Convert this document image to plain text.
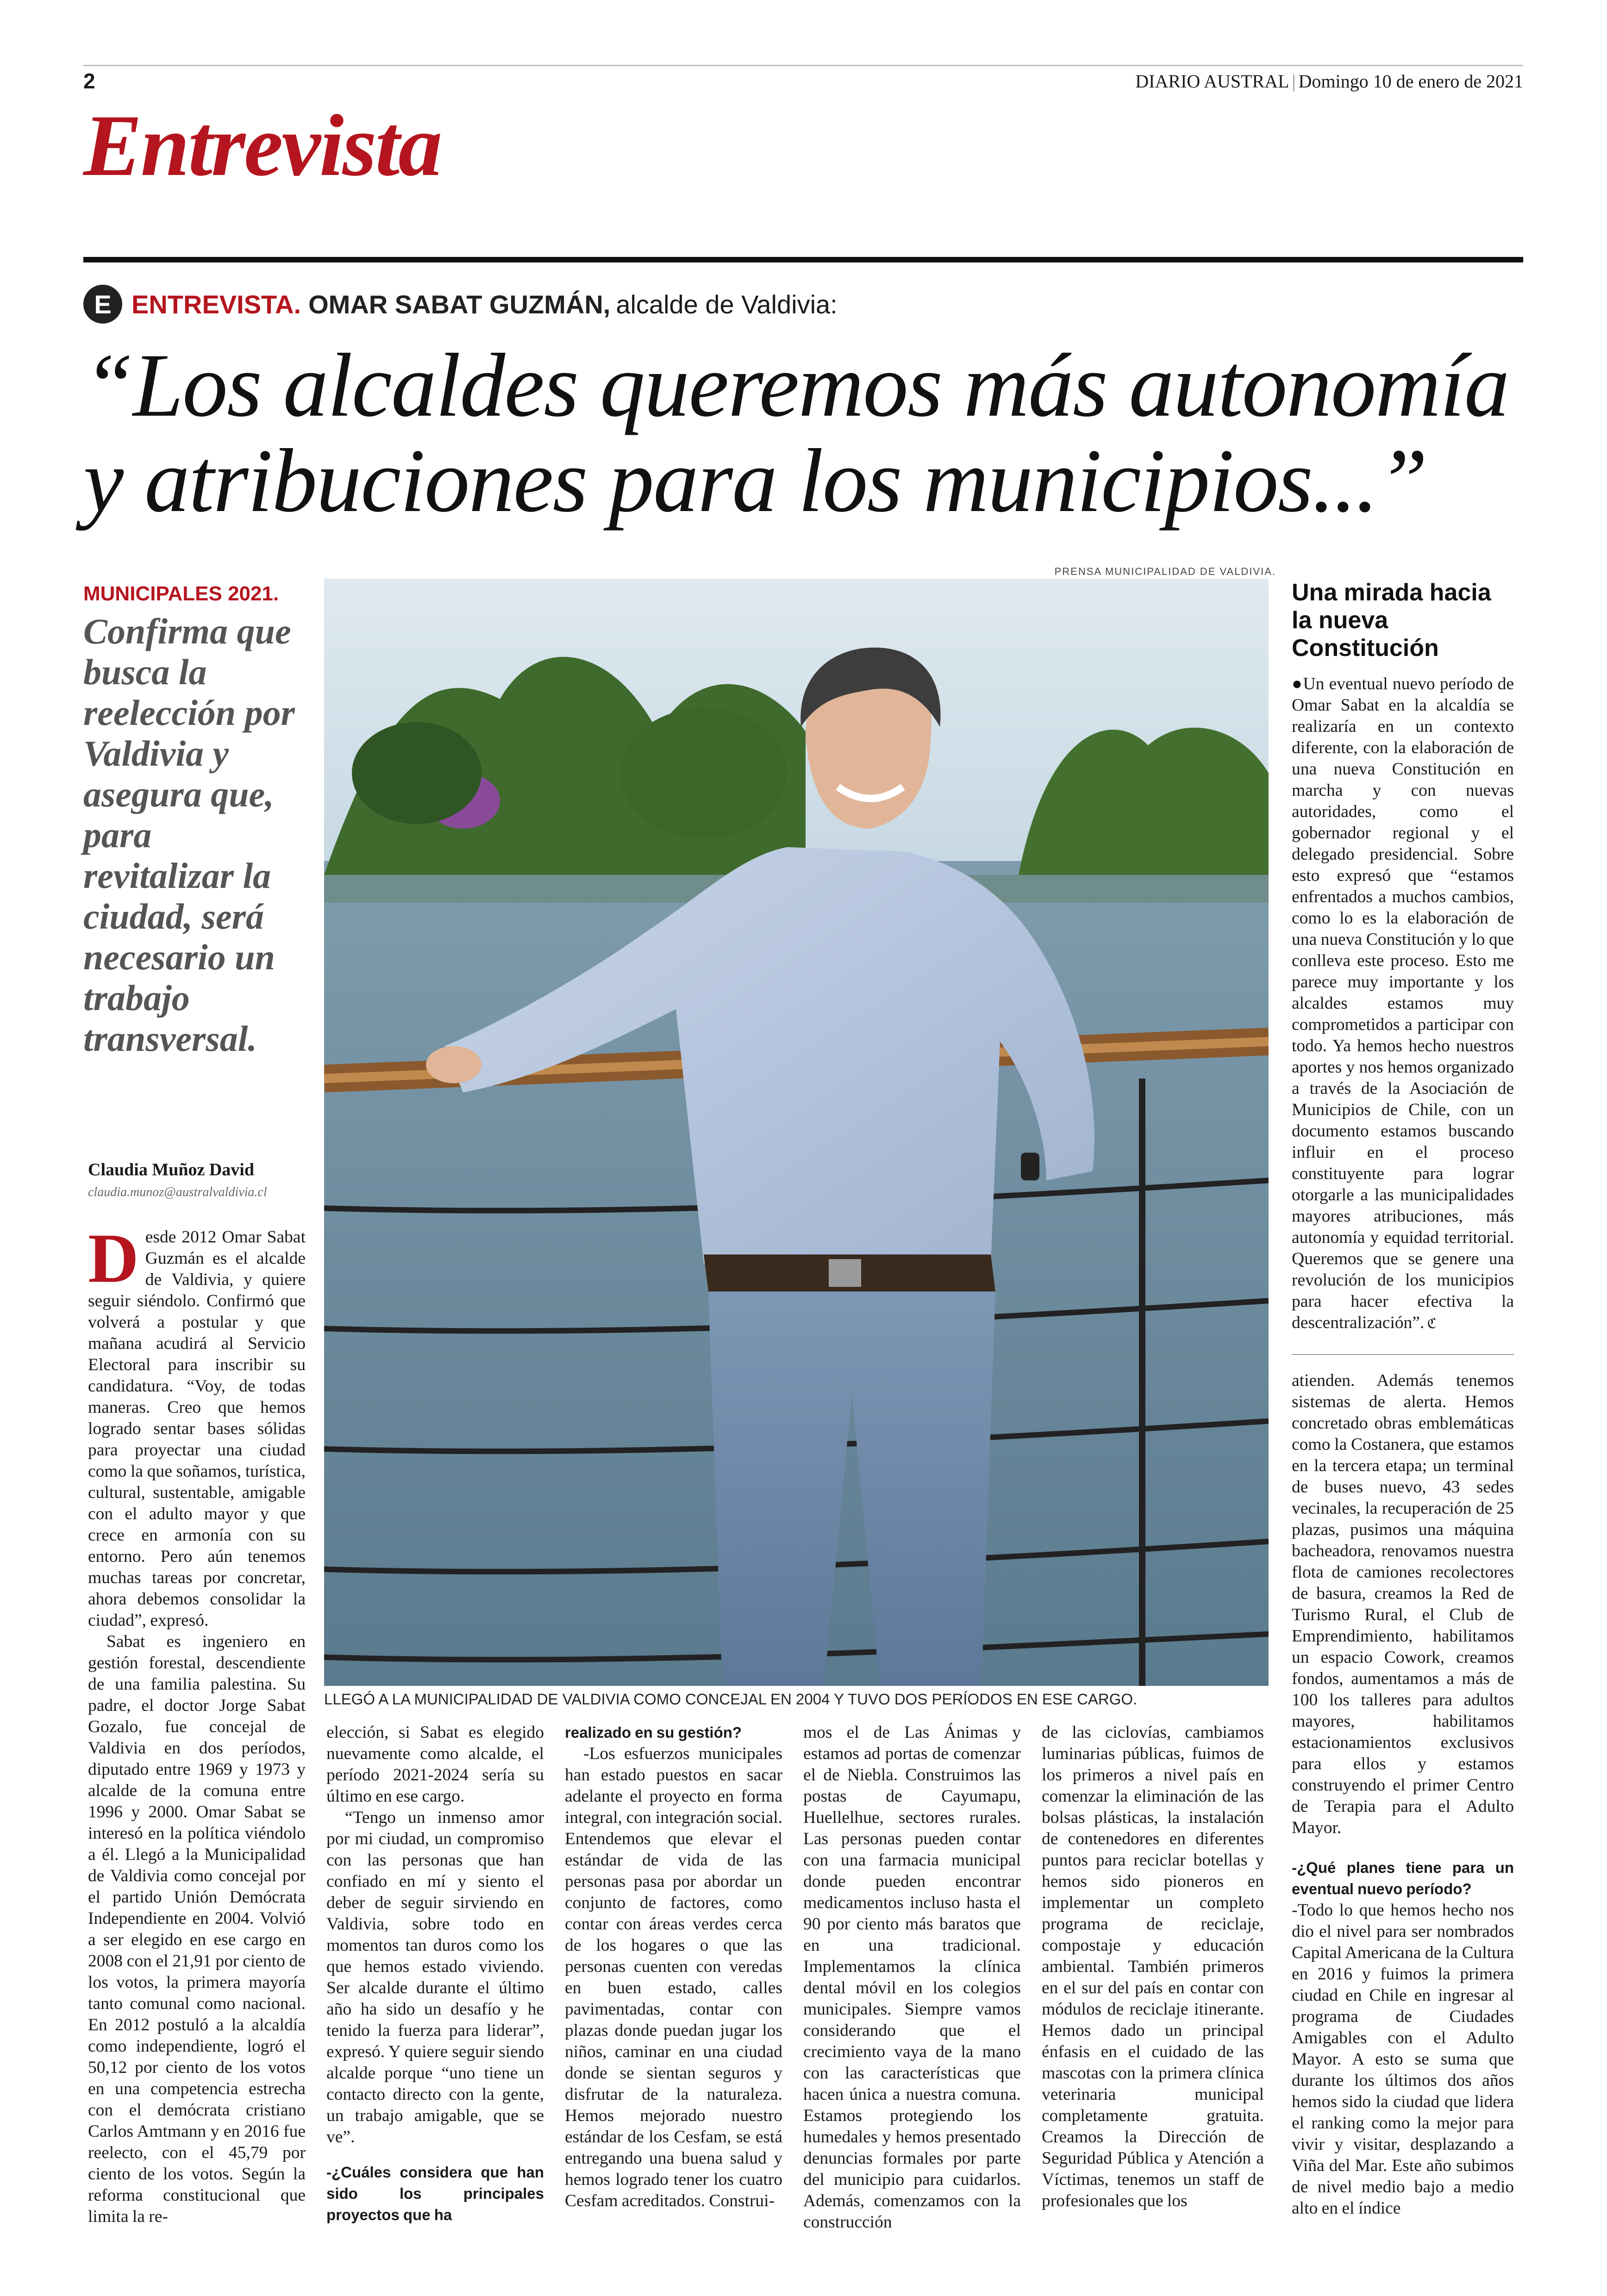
2	DIARIO AUSTRAL | Domingo 10 de enero de 2021
Entrevista
E ENTREVISTA. OMAR SABAT GUZMÁN, alcalde de Valdivia:
“Los alcaldes queremos más autonomía
y atribuciones para los municipios...”
MUNICIPALES 2021.
Confirma que busca la reelección por Valdivia y asegura que, para revitalizar la ciudad, será necesario un trabajo transversal.
Claudia Muñoz David
claudia.munoz@australvaldivia.cl
PRENSA MUNICIPALIDAD DE VALDIVIA.
LLEGÓ A LA MUNICIPALIDAD DE VALDIVIA COMO CONCEJAL EN 2004 Y TUVO DOS PERÍODOS EN ESE CARGO.
Una mirada hacia la nueva Constitución

●Un eventual nuevo período de Omar Sabat en la alcaldía se realizaría en un contexto diferente, con la elaboración de una nueva Constitución en marcha y con nuevas autoridades, como el gobernador regional y el delegado presidencial. Sobre esto expresó que “estamos enfrentados a muchos cambios, como lo es la elaboración de una nueva Constitución y lo que conlleva este proceso. Esto me parece muy importante y los alcaldes estamos muy comprometidos a participar con todo. Ya hemos hecho nuestros aportes y nos hemos organizado a través de la Asociación de Municipios de Chile, con un documento estamos buscando influir en el proceso constituyente para lograr otorgarle a las municipalidades mayores atribuciones, más autonomía y equidad territorial. Queremos que se genere una revolución de los municipios para hacer efectiva la descentralización”. ℭ

Desde 2012 Omar Sabat Guzmán es el alcalde de Valdivia, y quiere seguir siéndolo. Confirmó que volverá a postular y que mañana acudirá al Servicio Electoral para inscribir su candidatura. “Voy, de todas maneras. Creo que hemos logrado sentar bases sólidas para proyectar una ciudad como la que soñamos, turística, cultural, sustentable, amigable con el adulto mayor y que crece en armonía con su entorno. Pero aún tenemos muchas tareas por concretar, ahora debemos consolidar la ciudad”, expresó.

Sabat es ingeniero en gestión forestal, descendiente de una familia palestina. Su padre, el doctor Jorge Sabat Gozalo, fue concejal de Valdivia en dos períodos, diputado entre 1969 y 1973 y alcalde de la comuna entre 1996 y 2000. Omar Sabat se interesó en la política viéndolo a él. Llegó a la Municipalidad de Valdivia como concejal por el partido Unión Demócrata Independiente en 2004. Volvió a ser elegido en ese cargo en 2008 con el 21,91 por ciento de los votos, la primera mayoría tanto comunal como nacional. En 2012 postuló a la alcaldía como independiente, logró el 50,12 por ciento de los votos en una competencia estrecha con el demócrata cristiano Carlos Amtmann y en 2016 fue reelecto, con el 45,79 por ciento de los votos. Según la reforma constitucional que limita la re-

elección, si Sabat es elegido nuevamente como alcalde, el período 2021-2024 sería su último en ese cargo.

“Tengo un inmenso amor por mi ciudad, un compromiso con las personas que han confiado en mí y siento el deber de seguir sirviendo en Valdivia, sobre todo en momentos tan duros como los que hemos estado viviendo. Ser alcalde durante el último año ha sido un desafío y he tenido la fuerza para liderar”, expresó. Y quiere seguir siendo alcalde porque “uno tiene un contacto directo con la gente, un trabajo amigable, que se ve”.

-¿Cuáles considera que han sido los principales proyectos que ha

realizado en su gestión?

-Los esfuerzos municipales han estado puestos en sacar adelante el proyecto en forma integral, con integración social. Entendemos que elevar el estándar de vida de las personas pasa por abordar un conjunto de factores, como contar con áreas verdes cerca de los hogares o que las personas cuenten con veredas en buen estado, calles pavimentadas, contar con plazas donde puedan jugar los niños, caminar en una ciudad donde se sientan seguros y disfrutar de la naturaleza. Hemos mejorado nuestro estándar de los Cesfam, se está entregando una buena salud y hemos logrado tener los cuatro Cesfam acreditados. Construi-

mos el de Las Ánimas y estamos ad portas de comenzar el de Niebla. Construimos las postas de Cayumapu, Huellelhue, sectores rurales. Las personas pueden contar con una farmacia municipal donde pueden encontrar medicamentos incluso hasta el 90 por ciento más baratos que en una tradicional. Implementamos la clínica dental móvil en los colegios municipales. Siempre vamos considerando que el crecimiento vaya de la mano con las características que hacen única a nuestra comuna. Estamos protegiendo los humedales y hemos presentado denuncias formales por parte del municipio para cuidarlos. Además, comenzamos con la construcción

de las ciclovías, cambiamos luminarias públicas, fuimos de los primeros a nivel país en comenzar la eliminación de las bolsas plásticas, la instalación de contenedores en diferentes puntos para reciclar botellas y hemos sido pioneros en implementar un completo programa de reciclaje, compostaje y educación ambiental. También primeros en el sur del país en contar con módulos de reciclaje itinerante. Hemos dado un principal énfasis en el cuidado de las mascotas con la primera clínica veterinaria municipal completamente gratuita. Creamos la Dirección de Seguridad Pública y Atención a Víctimas, tenemos un staff de profesionales que los

atienden. Además tenemos sistemas de alerta. Hemos concretado obras emblemáticas como la Costanera, que estamos en la tercera etapa; un terminal de buses nuevo, 43 sedes vecinales, la recuperación de 25 plazas, pusimos una máquina bacheadora, renovamos nuestra flota de camiones recolectores de basura, creamos la Red de Turismo Rural, el Club de Emprendimiento, habilitamos un espacio Cowork, creamos fondos, aumentamos a más de 100 los talleres para adultos mayores, habilitamos estacionamientos exclusivos para ellos y estamos construyendo el primer Centro de Terapia para el Adulto Mayor.

-¿Qué planes tiene para un eventual nuevo período?

-Todo lo que hemos hecho nos dio el nivel para ser nombrados Capital Americana de la Cultura en 2016 y fuimos la primera ciudad en Chile en ingresar al programa de Ciudades Amigables con el Adulto Mayor. A esto se suma que durante los últimos dos años hemos sido la ciudad que lidera el ranking como la mejor para vivir y visitar, desplazando a Viña del Mar. Este año subimos de nivel medio bajo a medio alto en el índice
